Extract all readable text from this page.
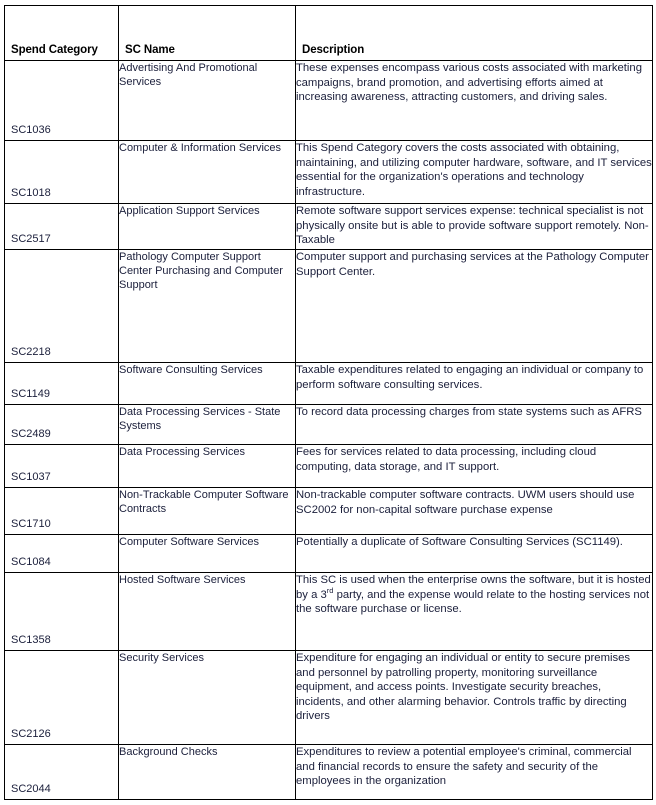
Spend Category	SC Name	Description

SC1036	Advertising And Promotional Services	These expenses encompass various costs associated with marketing campaigns, brand promotion, and advertising efforts aimed at increasing awareness, attracting customers, and driving sales.

SC1018	Computer & Information Services	This Spend Category covers the costs associated with obtaining, maintaining, and utilizing computer hardware, software, and IT services essential for the organization's operations and technology infrastructure.

SC2517	Application Support Services	Remote software support services expense: technical specialist is not physically onsite but is able to provide software support remotely. Non-Taxable

SC2218	Pathology Computer Support Center Purchasing and Computer Support	Computer support and purchasing services at the Pathology Computer Support Center.

SC1149	Software Consulting Services	Taxable expenditures related to engaging an individual or company to perform software consulting services.

SC2489	Data Processing Services - State Systems	To record data processing charges from state systems such as AFRS

SC1037	Data Processing Services	Fees for services related to data processing, including cloud computing, data storage, and IT support.

SC1710	Non-Trackable Computer Software Contracts	Non-trackable computer software contracts. UWM users should use SC2002 for non-capital software purchase expense

SC1084	Computer Software Services	Potentially a duplicate of Software Consulting Services (SC1149).

SC1358	Hosted Software Services	This SC is used when the enterprise owns the software, but it is hosted by a 3rd party, and the expense would relate to the hosting services not the software purchase or license.

SC2126	Security Services	Expenditure for engaging an individual or entity to secure premises and personnel by patrolling property, monitoring surveillance equipment, and access points. Investigate security breaches, incidents, and other alarming behavior. Controls traffic by directing drivers

SC2044	Background Checks	Expenditures to review a potential employee's criminal, commercial and financial records to ensure the safety and security of the employees in the organization
